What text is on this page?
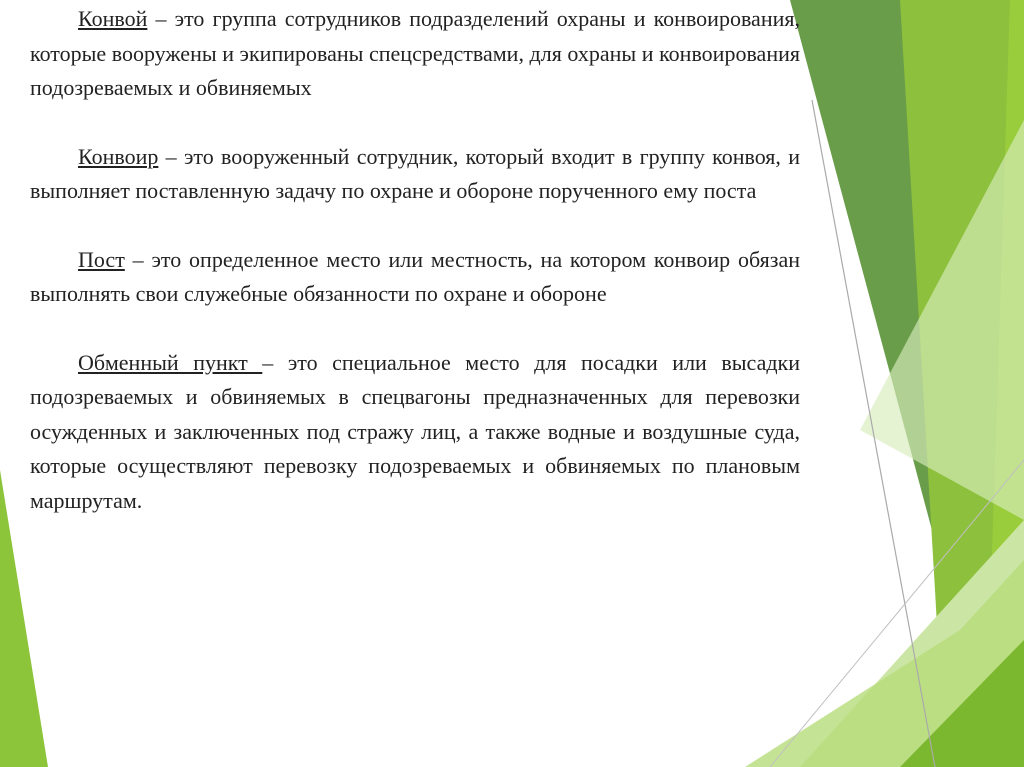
Конвой – это группа сотрудников подразделений охраны и конвоирования, которые вооружены и экипированы спецсредствами, для охраны и конвоирования подозреваемых и обвиняемых

Конвоир – это вооруженный сотрудник, который входит в группу конвоя, и выполняет поставленную задачу по охране и обороне порученного ему поста

Пост – это определенное место или местность, на котором конвоир обязан выполнять свои служебные обязанности по охране и обороне

Обменный пункт – это специальное место для посадки или высадки подозреваемых и обвиняемых в спецвагоны предназначенных для перевозки осужденных и заключенных под стражу лиц, а также водные и воздушные суда, которые осуществляют перевозку подозреваемых и обвиняемых по плановым маршрутам.
